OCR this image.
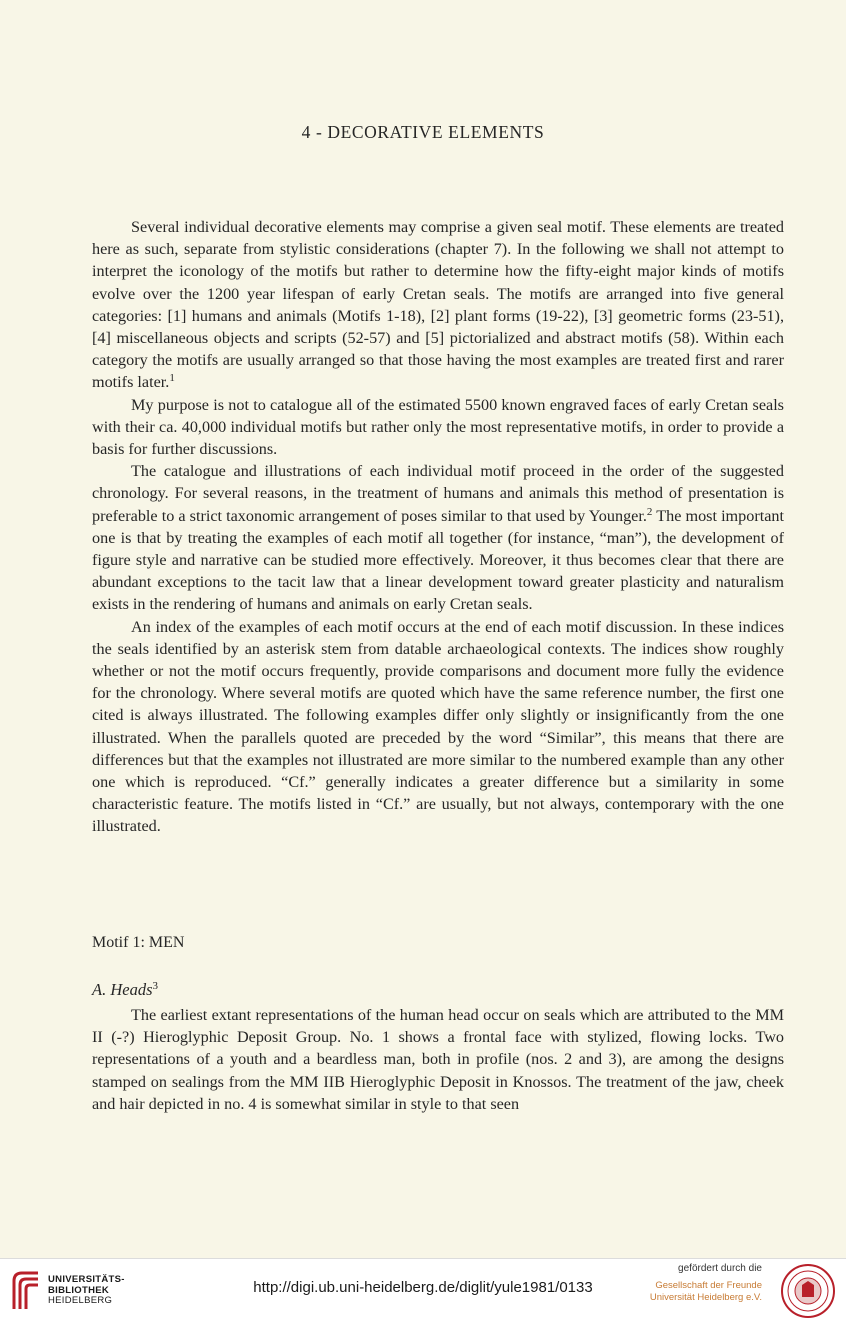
4 - DECORATIVE ELEMENTS

Several individual decorative elements may comprise a given seal motif. These elements are treated here as such, separate from stylistic considerations (chapter 7). In the following we shall not attempt to interpret the iconology of the motifs but rather to determine how the fifty-eight major kinds of motifs evolve over the 1200 year lifespan of early Cretan seals. The motifs are arranged into five general categories: [1] humans and animals (Motifs 1-18), [2] plant forms (19-22), [3] geometric forms (23-51), [4] miscellaneous objects and scripts (52-57) and [5] pictorialized and abstract motifs (58). Within each category the motifs are usually arranged so that those having the most examples are treated first and rarer motifs later.$^1$

My purpose is not to catalogue all of the estimated 5500 known engraved faces of early Cretan seals with their ca. 40,000 individual motifs but rather only the most representative motifs, in order to provide a basis for further discussions.

The catalogue and illustrations of each individual motif proceed in the order of the suggested chronology. For several reasons, in the treatment of humans and animals this method of presentation is preferable to a strict taxonomic arrangement of poses similar to that used by Younger.$^2$ The most important one is that by treating the examples of each motif all together (for instance, “man”), the development of figure style and narrative can be studied more effectively. Moreover, it thus becomes clear that there are abundant exceptions to the tacit law that a linear development toward greater plasticity and naturalism exists in the rendering of humans and animals on early Cretan seals.

An index of the examples of each motif occurs at the end of each motif discussion. In these indices the seals identified by an asterisk stem from datable archaeological contexts. The indices show roughly whether or not the motif occurs frequently, provide comparisons and document more fully the evidence for the chronology. Where several motifs are quoted which have the same reference number, the first one cited is always illustrated. The following examples differ only slightly or insignificantly from the one illustrated. When the parallels quoted are preceded by the word “Similar”, this means that there are differences but that the examples not illustrated are more similar to the numbered example than any other one which is reproduced. “Cf.” generally indicates a greater difference but a similarity in some characteristic feature. The motifs listed in “Cf.” are usually, but not always, contemporary with the one illustrated.

Motif 1: MEN
A. Heads$^3$

The earliest extant representations of the human head occur on seals which are attributed to the MM II (-?) Hieroglyphic Deposit Group. No. 1 shows a frontal face with stylized, flowing locks. Two representations of a youth and a beardless man, both in profile (nos. 2 and 3), are among the designs stamped on sealings from the MM IIB Hieroglyphic Deposit in Knossos. The treatment of the jaw, cheek and hair depicted in no. 4 is somewhat similar in style to that seen

UNIVERSITÄTS-
BIBLIOTHEK
HEIDELBERG
http://digi.ub.uni-heidelberg.de/diglit/yule1981/0133
gefördert durch die
Gesellschaft der Freunde
Universität Heidelberg e.V.
